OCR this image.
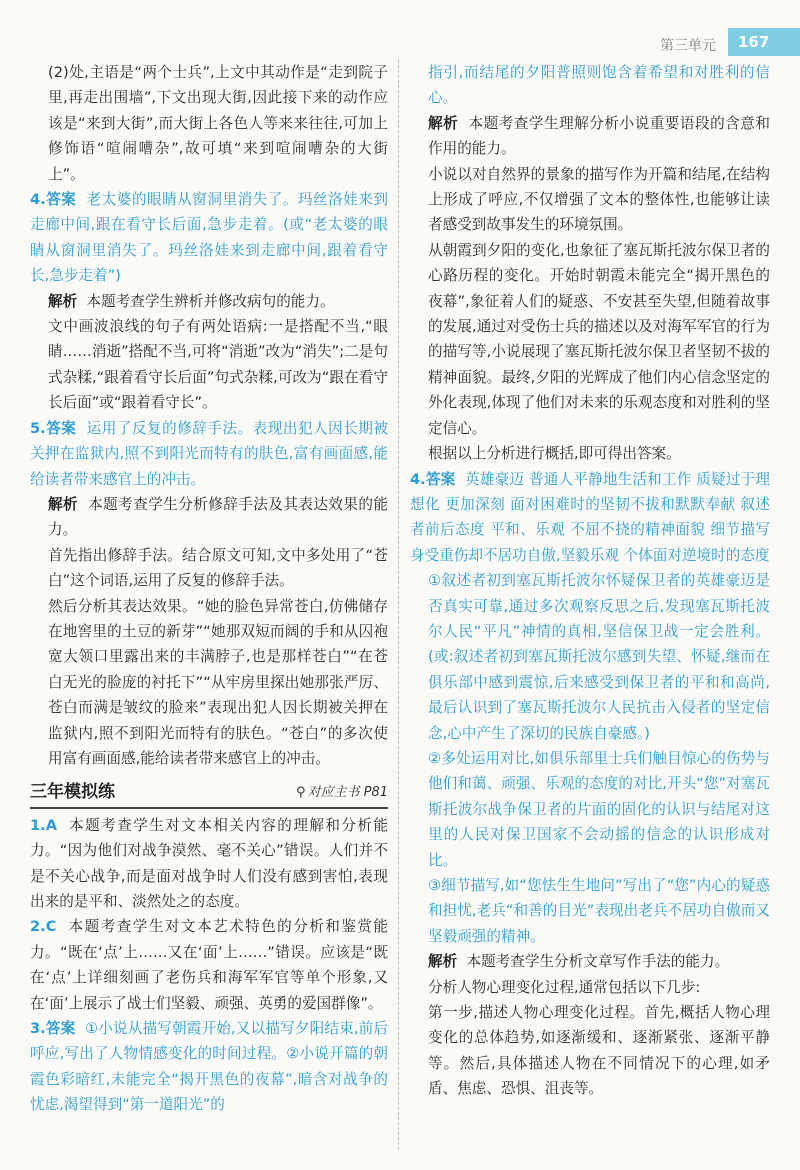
第三单元	167

(2)处,主语是“两个士兵”,上文中其动作是“走到院子里,再走出围墙”,下文出现大街,因此接下来的动作应该是“来到大街”,而大街上各色人等来来往往,可加上修饰语“喧闹嘈杂”,故可填“来到喧闹嘈杂的大街上”。

4.答案 老太婆的眼睛从窗洞里消失了。玛丝洛娃来到走廊中间,跟在看守长后面,急步走着。(或“老太婆的眼睛从窗洞里消失了。玛丝洛娃来到走廊中间,跟着看守长,急步走着”)

解析 本题考查学生辨析并修改病句的能力。

文中画波浪线的句子有两处语病:一是搭配不当,“眼睛……消逝”搭配不当,可将“消逝”改为“消失”;二是句式杂糅,“跟着看守长后面”句式杂糅,可改为“跟在看守长后面”或“跟着看守长”。

5.答案 运用了反复的修辞手法。表现出犯人因长期被关押在监狱内,照不到阳光而特有的肤色,富有画面感,能给读者带来感官上的冲击。

解析 本题考查学生分析修辞手法及其表达效果的能力。

首先指出修辞手法。结合原文可知,文中多处用了“苍白”这个词语,运用了反复的修辞手法。

然后分析其表达效果。“她的脸色异常苍白,仿佛储存在地窖里的土豆的新芽”“她那双短而阔的手和从囚袍宽大领口里露出来的丰满脖子,也是那样苍白”“在苍白无光的脸庞的衬托下”“从牢房里探出她那张严厉、苍白而满是皱纹的脸来”表现出犯人因长期被关押在监狱内,照不到阳光而特有的肤色。“苍白”的多次使用富有画面感,能给读者带来感官上的冲击。

三年模拟练	⚲ 对应主书 P81

1.A 本题考查学生对文本相关内容的理解和分析能力。“因为他们对战争漠然、毫不关心”错误。人们并不是不关心战争,而是面对战争时人们没有感到害怕,表现出来的是平和、淡然处之的态度。

2.C 本题考查学生对文本艺术特色的分析和鉴赏能力。“既在‘点’上……又在‘面’上……”错误。应该是“既在‘点’上详细刻画了老伤兵和海军军官等单个形象,又在‘面’上展示了战士们坚毅、顽强、英勇的爱国群像”。

3.答案 ①小说从描写朝霞开始,又以描写夕阳结束,前后呼应,写出了人物情感变化的时间过程。②小说开篇的朝霞色彩暗红,未能完全“揭开黑色的夜幕”,暗含对战争的忧虑,渴望得到“第一道阳光”的

指引,而结尾的夕阳普照则饱含着希望和对胜利的信心。

解析 本题考查学生理解分析小说重要语段的含意和作用的能力。

小说以对自然界的景象的描写作为开篇和结尾,在结构上形成了呼应,不仅增强了文本的整体性,也能够让读者感受到故事发生的环境氛围。

从朝霞到夕阳的变化,也象征了塞瓦斯托波尔保卫者的心路历程的变化。开始时朝霞未能完全“揭开黑色的夜幕”,象征着人们的疑惑、不安甚至失望,但随着故事的发展,通过对受伤士兵的描述以及对海军军官的行为的描写等,小说展现了塞瓦斯托波尔保卫者坚韧不拔的精神面貌。最终,夕阳的光辉成了他们内心信念坚定的外化表现,体现了他们对未来的乐观态度和对胜利的坚定信心。

根据以上分析进行概括,即可得出答案。

4.答案 英雄豪迈 普通人平静地生活和工作 质疑过于理想化 更加深刻 面对困难时的坚韧不拔和默默奉献 叙述者前后态度 平和、乐观 不屈不挠的精神面貌 细节描写 身受重伤却不居功自傲,坚毅乐观 个体面对逆境时的态度

①叙述者初到塞瓦斯托波尔怀疑保卫者的英雄豪迈是否真实可靠,通过多次观察反思之后,发现塞瓦斯托波尔人民“平凡”神情的真相,坚信保卫战一定会胜利。(或:叙述者初到塞瓦斯托波尔感到失望、怀疑,继而在俱乐部中感到震惊,后来感受到保卫者的平和和高尚,最后认识到了塞瓦斯托波尔人民抗击入侵者的坚定信念,心中产生了深切的民族自豪感。)

②多处运用对比,如俱乐部里士兵们触目惊心的伤势与他们和蔼、顽强、乐观的态度的对比,开头“您”对塞瓦斯托波尔战争保卫者的片面的固化的认识与结尾对这里的人民对保卫国家不会动摇的信念的认识形成对比。

③细节描写,如“您怯生生地问”写出了“您”内心的疑惑和担忧,老兵“和善的目光”表现出老兵不居功自傲而又坚毅顽强的精神。

解析 本题考查学生分析文章写作手法的能力。

分析人物心理变化过程,通常包括以下几步:

第一步,描述人物心理变化过程。首先,概括人物心理变化的总体趋势,如逐渐缓和、逐渐紧张、逐渐平静等。然后,具体描述人物在不同情况下的心理,如矛盾、焦虑、恐惧、沮丧等。
